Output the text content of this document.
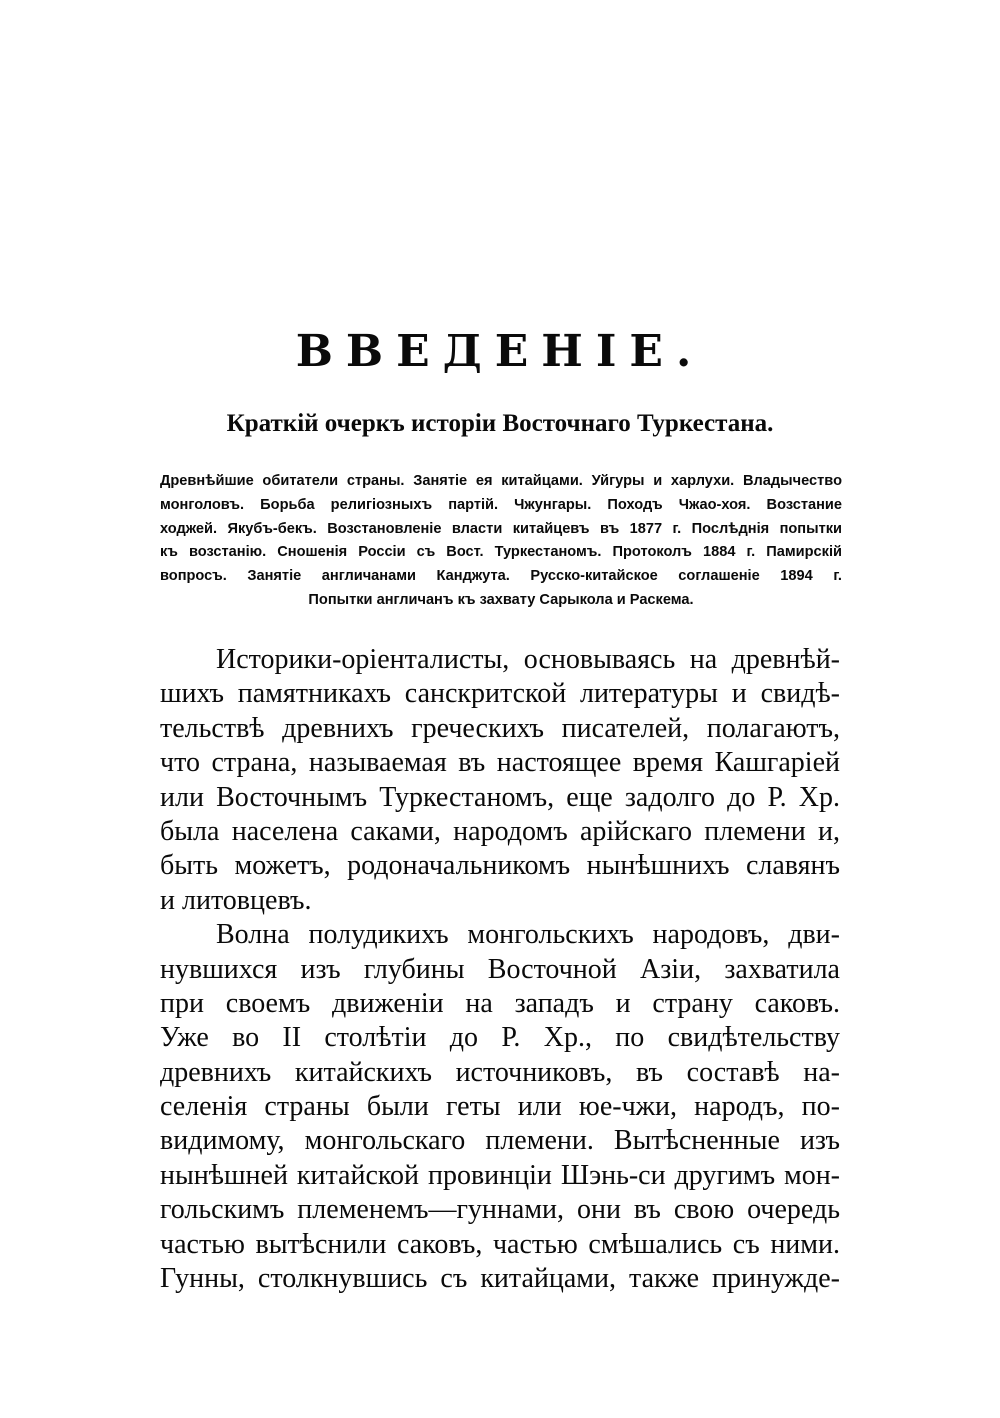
ВВЕДЕНІЕ.
Краткій очеркъ исторіи Восточнаго Туркестана.
Древнѣйшие обитатели страны. Занятіе ея китайцами. Уйгуры и харлухи. Владычество
монголовъ. Борьба религіозныхъ партій. Чжунгары. Походъ Чжао-хоя. Возстание
ходжей. Якубъ-бекъ. Возстановленіе власти китайцевъ въ 1877 г. Послѣднія попытки
къ возстанію. Сношенія Россіи съ Вост. Туркестаномъ. Протоколъ 1884 г. Памирскій
вопросъ. Занятіе англичанами Канджута. Русско-китайское соглашеніе 1894 г.
Попытки англичанъ къ захвату Сарыкола и Раскема.
Историки-оріенталисты, основываясь на древнѣй-
шихъ памятникахъ санскритской литературы и свидѣ-
тельствѣ древнихъ греческихъ писателей, полагаютъ,
что страна, называемая въ настоящее время Кашгаріей
или Восточнымъ Туркестаномъ, еще задолго до Р. Хр.
была населена саками, народомъ арійскаго племени и,
быть можетъ, родоначальникомъ нынѣшнихъ славянъ
и литовцевъ.
Волна полудикихъ монгольскихъ народовъ, дви-
нувшихся изъ глубины Восточной Азіи, захватила
при своемъ движеніи на западъ и страну саковъ.
Уже во II столѣтіи до Р. Хр., по свидѣтельству
древнихъ китайскихъ источниковъ, въ составѣ на-
селенія страны были геты или юе-чжи, народъ, по-
видимому, монгольскаго племени. Вытѣсненные изъ
нынѣшней китайской провинціи Шэнь-си другимъ мон-
гольскимъ племенемъ—гуннами, они въ свою очередь
частью вытѣснили саковъ, частью смѣшались съ ними.
Гунны, столкнувшись съ китайцами, также принужде-
